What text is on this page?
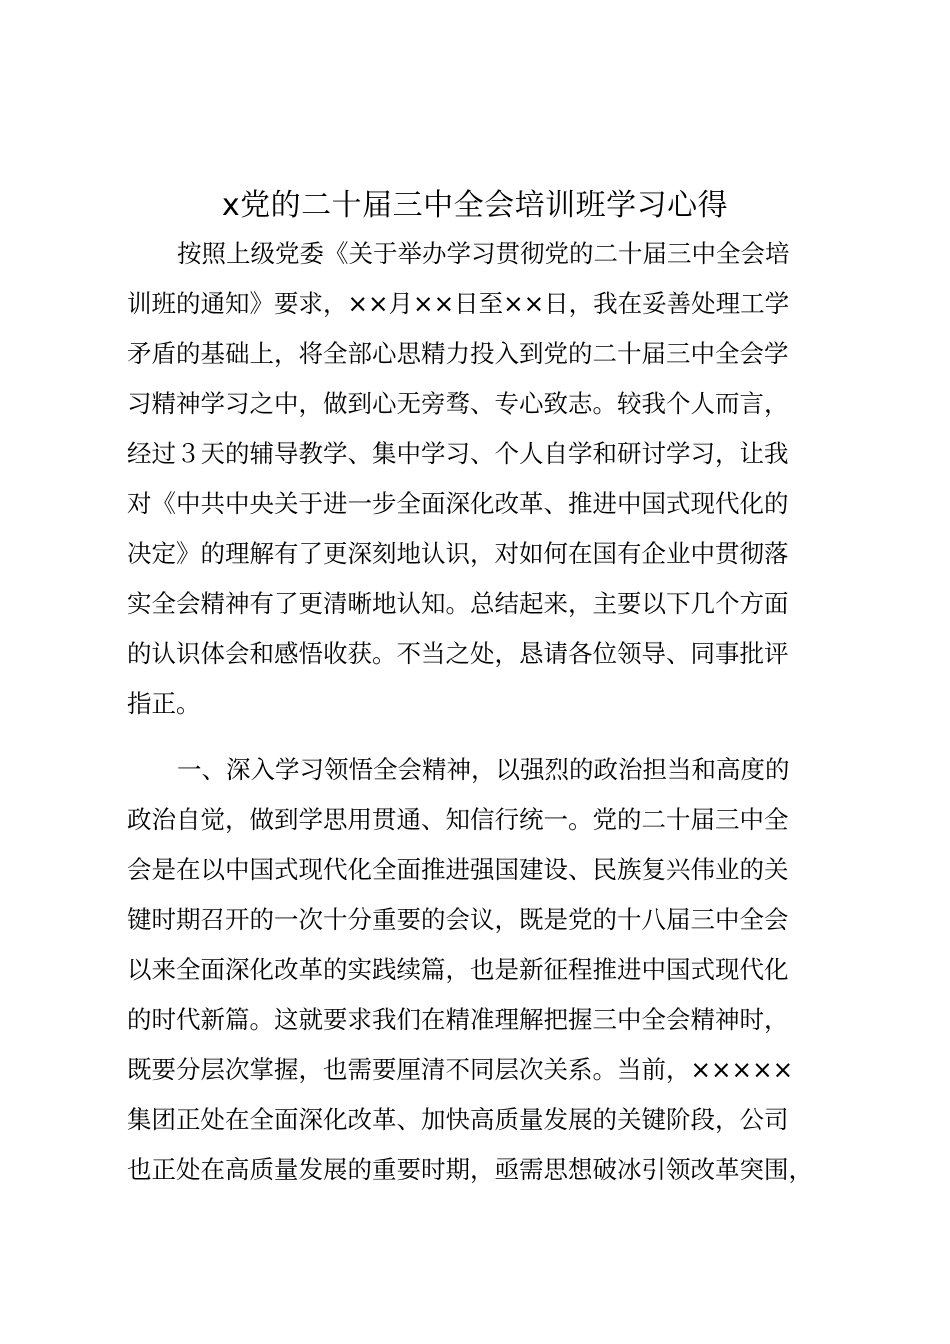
x党的二十届三中全会培训班学习心得
按照上级党委《关于举办学习贯彻党的二十届三中全会培
训班的通知》要求，××月××日至××日，我在妥善处理工学
矛盾的基础上，将全部心思精力投入到党的二十届三中全会学
习精神学习之中，做到心无旁骛、专心致志。较我个人而言，
经过３天的辅导教学、集中学习、个人自学和研讨学习，让我
对《中共中央关于进一步全面深化改革、推进中国式现代化的
决定》的理解有了更深刻地认识，对如何在国有企业中贯彻落
实全会精神有了更清晰地认知。总结起来，主要以下几个方面
的认识体会和感悟收获。不当之处，恳请各位领导、同事批评
指正。
一、深入学习领悟全会精神，以强烈的政治担当和高度的
政治自觉，做到学思用贯通、知信行统一。党的二十届三中全
会是在以中国式现代化全面推进强国建设、民族复兴伟业的关
键时期召开的一次十分重要的会议，既是党的十八届三中全会
以来全面深化改革的实践续篇，也是新征程推进中国式现代化
的时代新篇。这就要求我们在精准理解把握三中全会精神时，
既要分层次掌握，也需要厘清不同层次关系。当前，×××××
集团正处在全面深化改革、加快高质量发展的关键阶段，公司
也正处在高质量发展的重要时期，亟需思想破冰引领改革突围，
